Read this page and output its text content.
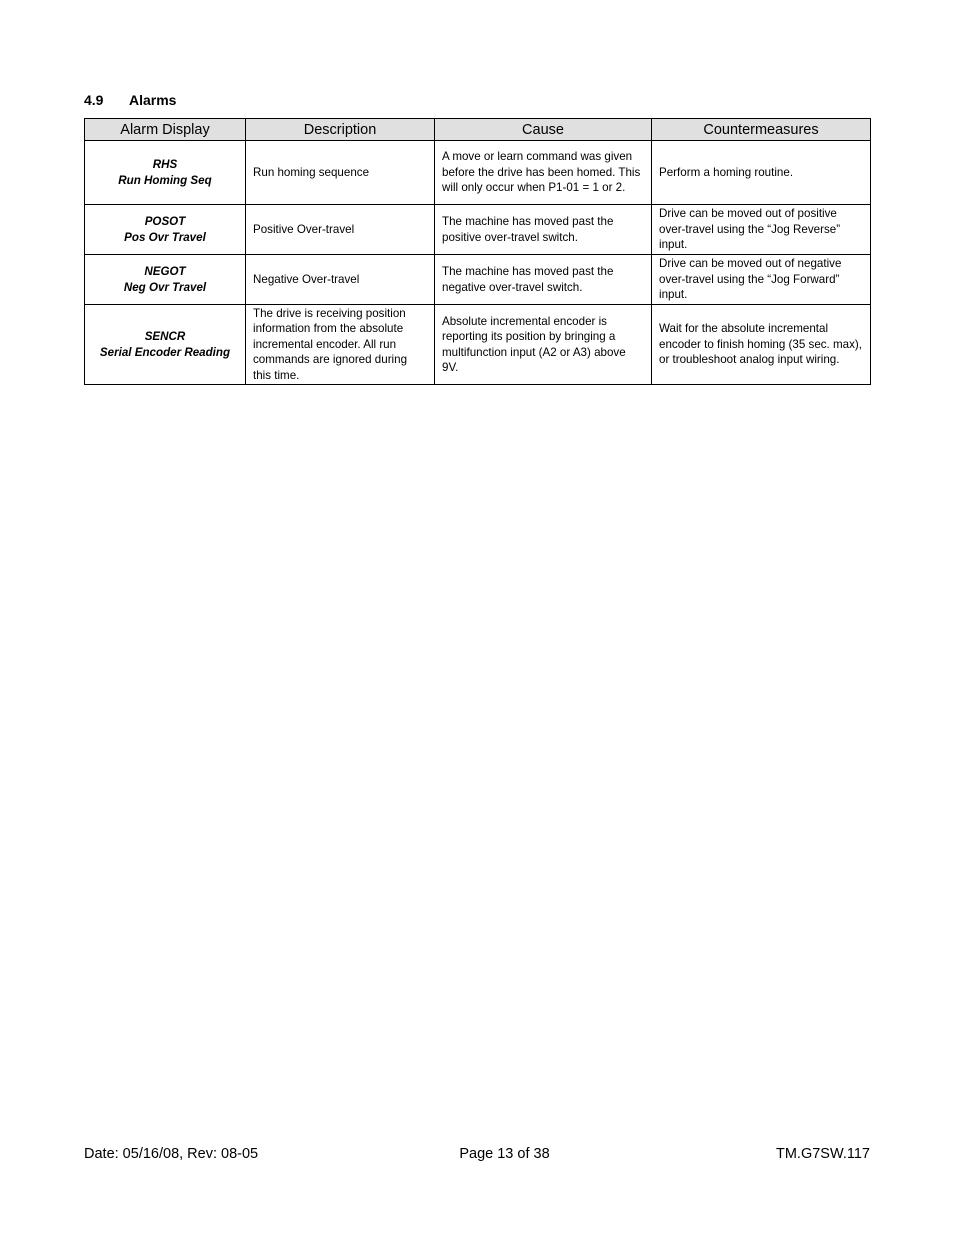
4.9	Alarms
Alarm Display	Description	Cause	Countermeasures

RHS
Run Homing Seq	Run homing sequence	A move or learn command was given before the drive has been homed. This will only occur when P1-01 = 1 or 2.	Perform a homing routine.

POSOT
Pos Ovr Travel	Positive Over-travel	The machine has moved past the positive over-travel switch.	Drive can be moved out of positive over-travel using the “Jog Reverse” input.

NEGOT
Neg Ovr Travel	Negative Over-travel	The machine has moved past the negative over-travel switch.	Drive can be moved out of negative over-travel using the “Jog Forward” input.

SENCR
Serial Encoder Reading	The drive is receiving position information from the absolute incremental encoder. All run commands are ignored during this time.	Absolute incremental encoder is reporting its position by bringing a multifunction input (A2 or A3) above 9V.	Wait for the absolute incremental encoder to finish homing (35 sec. max), or troubleshoot analog input wiring.
Date: 05/16/08, Rev: 08-05	Page 13 of 38	TM.G7SW.117
